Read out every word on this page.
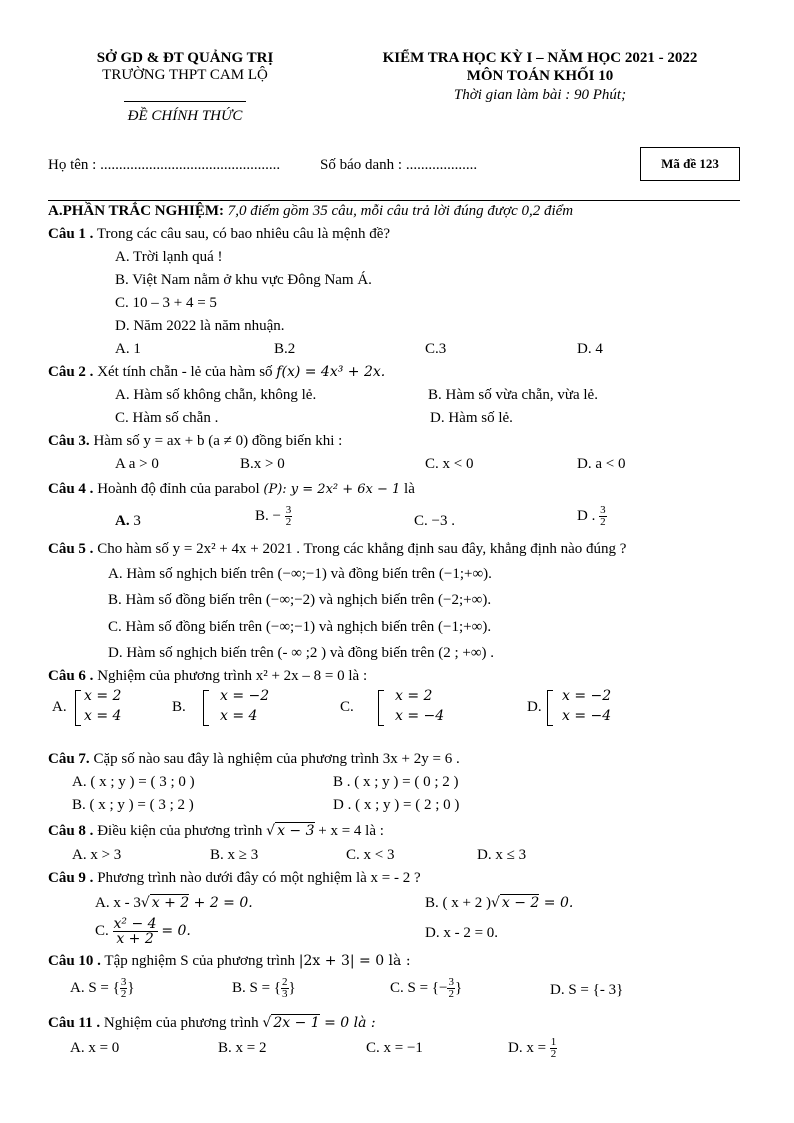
SỞ GD & ĐT QUẢNG TRỊ
TRƯỜNG THPT CAM LỘ
ĐỀ CHÍNH THỨC
KIỂM TRA HỌC KỲ I – NĂM HỌC 2021 - 2022
MÔN TOÁN KHỐI 10
Thời gian làm bài : 90 Phút;
Họ tên : ................................................	Số báo danh : ...................	Mã đề 123
A.PHẦN TRẮC NGHIỆM: 7,0 điểm gồm 35 câu, mỗi câu trả lời đúng được 0,2 điểm
Câu 1 . Trong các câu sau, có bao nhiêu câu là mệnh đề?
A. Trời lạnh quá !
B. Việt Nam nằm ở khu vực Đông Nam Á.
C. 10 – 3 + 4 = 5
D. Năm 2022 là năm nhuận.
A. 1	B.2	C.3	D. 4
Câu 2 . Xét tính chẵn - lẻ của hàm số f(x) = 4x³ + 2x.
A. Hàm số không chẵn, không lẻ.	B. Hàm số vừa chẵn, vừa lẻ.
C. Hàm số chẵn .	D. Hàm số lẻ.
Câu 3. Hàm số y = ax + b (a ≠ 0) đồng biến khi :
A a > 0	B.x > 0	C. x < 0	D. a < 0
Câu 4 . Hoành độ đỉnh của parabol (P): y = 2x² + 6x − 1 là
A. 3	B. − $\frac{3}{2}$	C. −3 .	D . $\frac{3}{2}$
Câu 5 . Cho hàm số y = 2x² + 4x + 2021 . Trong các khẳng định sau đây, khẳng định nào đúng ?
A. Hàm số nghịch biến trên (−∞;−1) và đồng biến trên (−1;+∞).
B. Hàm số đồng biến trên (−∞;−2) và nghịch biến trên (−2;+∞).
C. Hàm số đồng biến trên (−∞;−1) và nghịch biến trên (−1;+∞).
D. Hàm số nghịch biến trên (- ∞ ;2 ) và đồng biến trên (2 ; +∞) .
Câu 6 . Nghiệm của phương trình x² + 2x – 8 = 0 là :
A.
x = 2
x = 4
B.
x = −2
x = 4
C.
x = 2
x = −4
D.
x = −2
x = −4
Câu 7. Cặp số nào sau đây là nghiệm của phương trình 3x + 2y = 6 .
A. ( x ; y ) = ( 3 ; 0 )	B . ( x ; y ) = ( 0 ; 2 )
B. ( x ; y ) = ( 3 ; 2 )	D . ( x ; y ) = ( 2 ; 0 )
Câu 8 . Điều kiện của phương trình √ x − 3 + x = 4 là :
A. x > 3	B. x ≥ 3	C. x < 3	D. x ≤ 3
Câu 9 . Phương trình nào dưới đây có một nghiệm là x = - 2 ?
A. x - 3√ x + 2 + 2 = 0.	B. ( x + 2 )√ x − 2 = 0.
C. $\frac{\text{x² − 4}}{x + 2} = 0$.	D. x - 2 = 0.
Câu 10 . Tập nghiệm S của phương trình |2x + 3| = 0 là :
A. S = { $\frac{3}{2}$ }	B. S = { $\frac{2}{3}$ }	C. S = {− $\frac{3}{2}$ }	D. S = {- 3}
Câu 11 . Nghiệm của phương trình √ 2x − 1 = 0 là :
A. x = 0	B. x = 2	C. x = −1	D. $x = \frac{1}{2}$
